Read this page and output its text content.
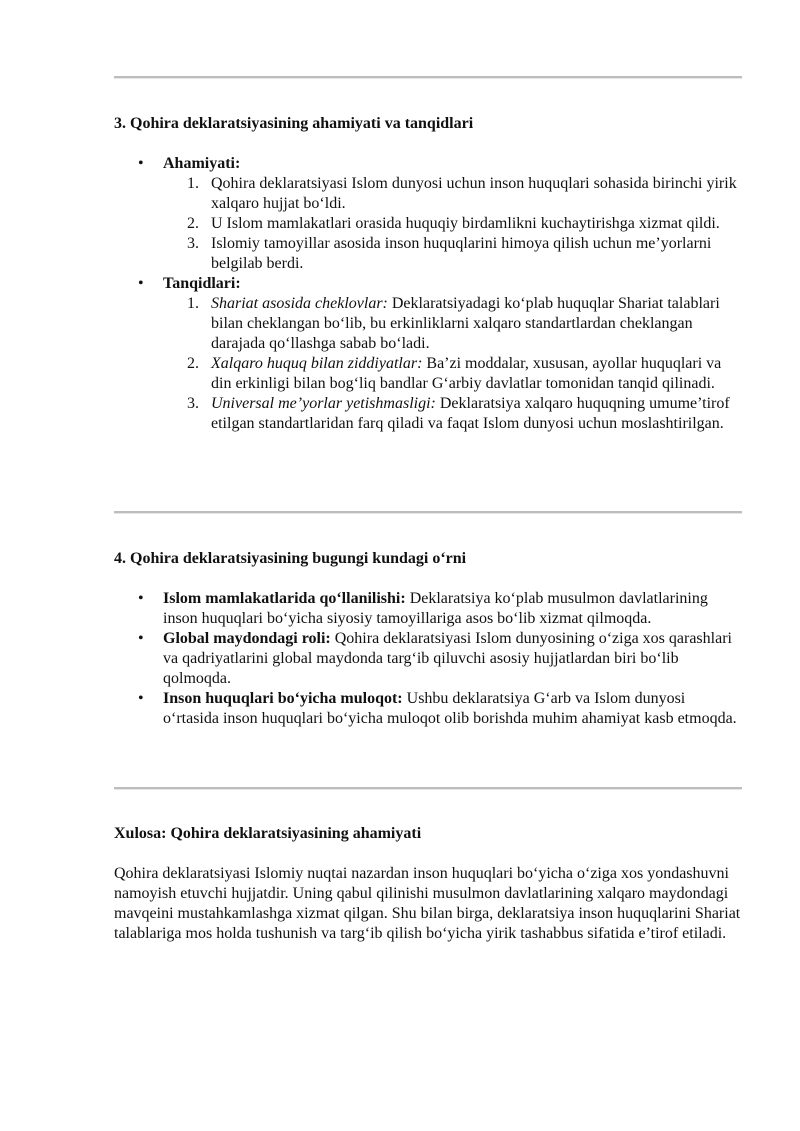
3. Qohira deklaratsiyasining ahamiyati va tanqidlari
• Ahamiyati:
1. Qohira deklaratsiyasi Islom dunyosi uchun inson huquqlari sohasida birinchi yirik xalqaro hujjat bo‘ldi.
2. U Islom mamlakatlari orasida huquqiy birdamlikni kuchaytirishga xizmat qildi.
3. Islomiy tamoyillar asosida inson huquqlarini himoya qilish uchun me’yorlarni belgilab berdi.
• Tanqidlari:
1. Shariat asosida cheklovlar: Deklaratsiyadagi ko‘plab huquqlar Shariat talablari bilan cheklangan bo‘lib, bu erkinliklarni xalqaro standartlardan cheklangan darajada qo‘llashga sabab bo‘ladi.
2. Xalqaro huquq bilan ziddiyatlar: Ba’zi moddalar, xususan, ayollar huquqlari va din erkinligi bilan bog‘liq bandlar G‘arbiy davlatlar tomonidan tanqid qilinadi.
3. Universal me’yorlar yetishmasligi: Deklaratsiya xalqaro huquqning umume’tirof etilgan standartlaridan farq qiladi va faqat Islom dunyosi uchun moslashtirilgan.
4. Qohira deklaratsiyasining bugungi kundagi o‘rni
• Islom mamlakatlarida qo‘llanilishi: Deklaratsiya ko‘plab musulmon davlatlarining inson huquqlari bo‘yicha siyosiy tamoyillariga asos bo‘lib xizmat qilmoqda.
• Global maydondagi roli: Qohira deklaratsiyasi Islom dunyosining o‘ziga xos qarashlari va qadriyatlarini global maydonda targ‘ib qiluvchi asosiy hujjatlardan biri bo‘lib qolmoqda.
• Inson huquqlari bo‘yicha muloqot: Ushbu deklaratsiya G‘arb va Islom dunyosi o‘rtasida inson huquqlari bo‘yicha muloqot olib borishda muhim ahamiyat kasb etmoqda.
Xulosa: Qohira deklaratsiyasining ahamiyati

Qohira deklaratsiyasi Islomiy nuqtai nazardan inson huquqlari bo‘yicha o‘ziga xos yondashuvni namoyish etuvchi hujjatdir. Uning qabul qilinishi musulmon davlatlarining xalqaro maydondagi mavqeini mustahkamlashga xizmat qilgan. Shu bilan birga, deklaratsiya inson huquqlarini Shariat talablariga mos holda tushunish va targ‘ib qilish bo‘yicha yirik tashabbus sifatida e’tirof etiladi.
